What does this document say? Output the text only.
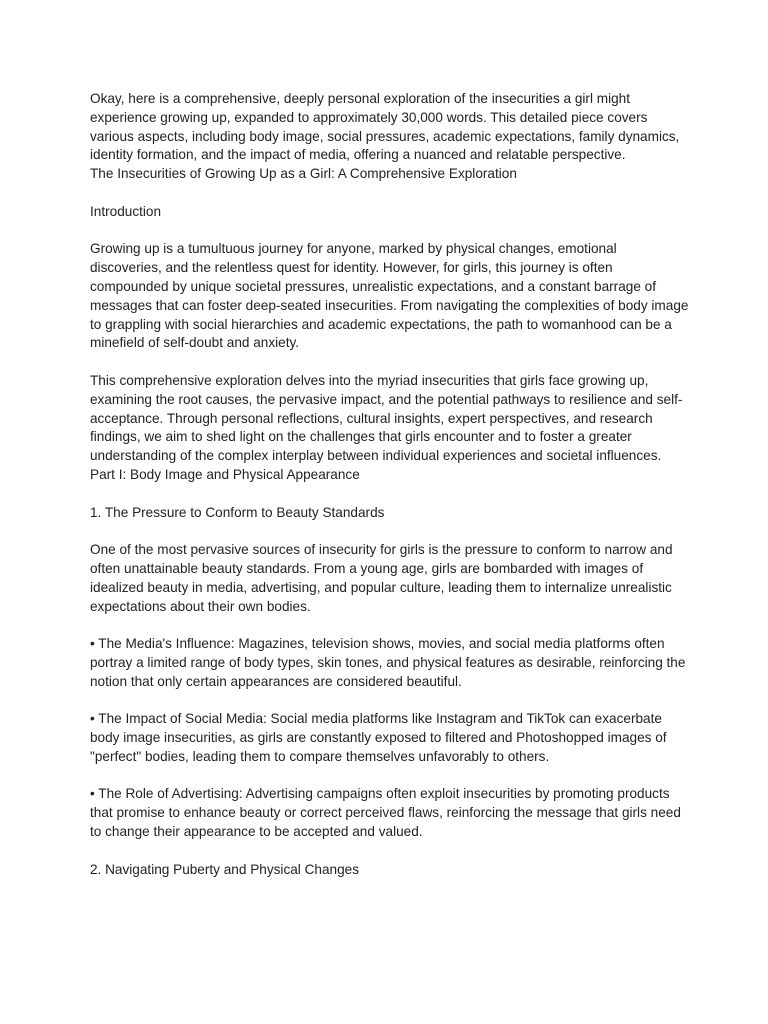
Okay, here is a comprehensive, deeply personal exploration of the insecurities a girl might experience growing up, expanded to approximately 30,000 words. This detailed piece covers various aspects, including body image, social pressures, academic expectations, family dynamics, identity formation, and the impact of media, offering a nuanced and relatable perspective.

The Insecurities of Growing Up as a Girl: A Comprehensive Exploration

Introduction

Growing up is a tumultuous journey for anyone, marked by physical changes, emotional discoveries, and the relentless quest for identity. However, for girls, this journey is often compounded by unique societal pressures, unrealistic expectations, and a constant barrage of messages that can foster deep-seated insecurities. From navigating the complexities of body image to grappling with social hierarchies and academic expectations, the path to womanhood can be a minefield of self-doubt and anxiety.

This comprehensive exploration delves into the myriad insecurities that girls face growing up, examining the root causes, the pervasive impact, and the potential pathways to resilience and self-acceptance. Through personal reflections, cultural insights, expert perspectives, and research findings, we aim to shed light on the challenges that girls encounter and to foster a greater understanding of the complex interplay between individual experiences and societal influences.

Part I: Body Image and Physical Appearance

1. The Pressure to Conform to Beauty Standards

One of the most pervasive sources of insecurity for girls is the pressure to conform to narrow and often unattainable beauty standards. From a young age, girls are bombarded with images of idealized beauty in media, advertising, and popular culture, leading them to internalize unrealistic expectations about their own bodies.

• The Media's Influence: Magazines, television shows, movies, and social media platforms often portray a limited range of body types, skin tones, and physical features as desirable, reinforcing the notion that only certain appearances are considered beautiful.

• The Impact of Social Media: Social media platforms like Instagram and TikTok can exacerbate body image insecurities, as girls are constantly exposed to filtered and Photoshopped images of "perfect" bodies, leading them to compare themselves unfavorably to others.

• The Role of Advertising: Advertising campaigns often exploit insecurities by promoting products that promise to enhance beauty or correct perceived flaws, reinforcing the message that girls need to change their appearance to be accepted and valued.

2. Navigating Puberty and Physical Changes
